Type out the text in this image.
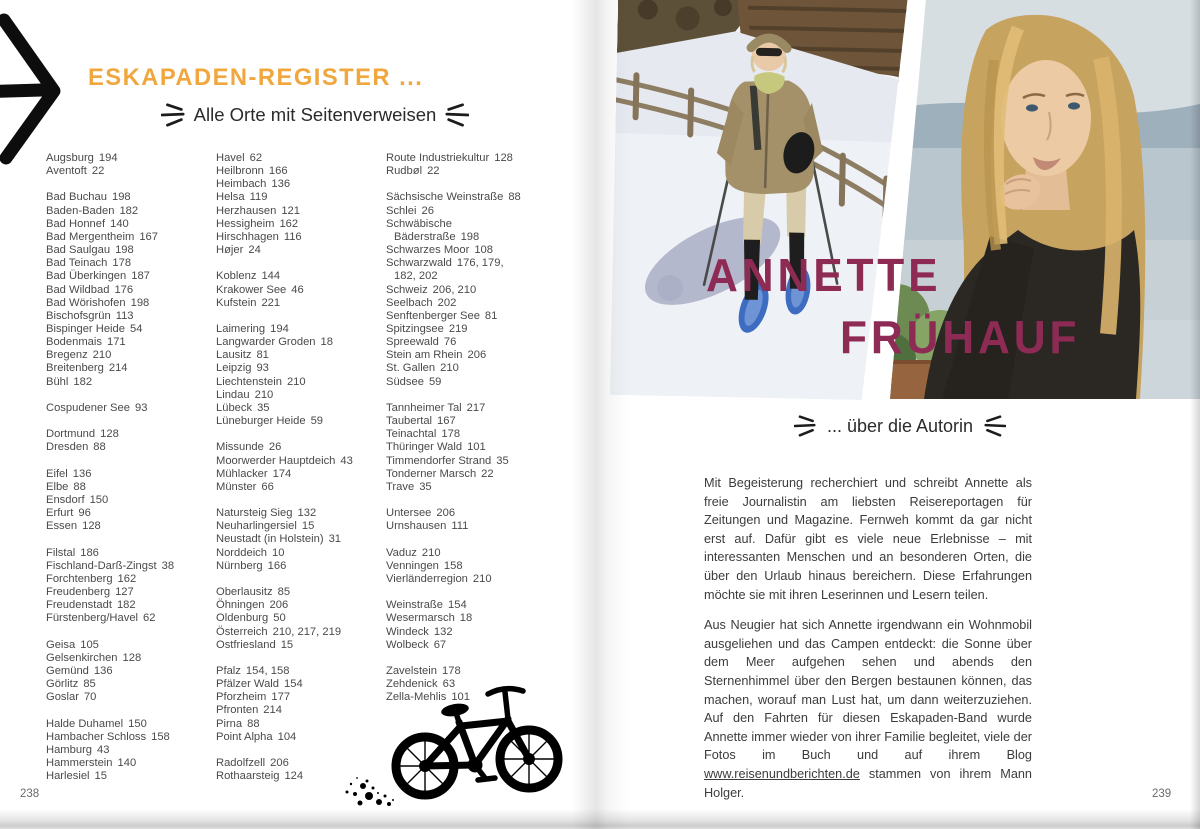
ESKAPADEN-REGISTER ...
Alle Orte mit Seitenverweisen
Augsburg 194
Aventoft 22
Bad Buchau 198
Baden-Baden 182
Bad Honnef 140
Bad Mergentheim 167
Bad Saulgau 198
Bad Teinach 178
Bad Überkingen 187
Bad Wildbad 176
Bad Wörishofen 198
Bischofsgrün 113
Bispinger Heide 54
Bodenmais 171
Bregenz 210
Breitenberg 214
Bühl 182
Cospudener See 93
Dortmund 128
Dresden 88
Eifel 136
Elbe 88
Ensdorf 150
Erfurt 96
Essen 128
Filstal 186
Fischland-Darß-Zingst 38
Forchtenberg 162
Freudenberg 127
Freudenstadt 182
Fürstenberg/Havel 62
Geisa 105
Gelsenkirchen 128
Gemünd 136
Görlitz 85
Goslar 70
Halde Duhamel 150
Hambacher Schloss 158
Hamburg 43
Hammerstein 140
Harlesiel 15
Havel 62
Heilbronn 166
Heimbach 136
Helsa 119
Herzhausen 121
Hessigheim 162
Hirschhagen 116
Højer 24
Koblenz 144
Krakower See 46
Kufstein 221
Laimering 194
Langwarder Groden 18
Lausitz 81
Leipzig 93
Liechtenstein 210
Lindau 210
Lübeck 35
Lüneburger Heide 59
Missunde 26
Moorwerder Hauptdeich 43
Mühlacker 174
Münster 66
Natursteig Sieg 132
Neuharlingersiel 15
Neustadt (in Holstein) 31
Norddeich 10
Nürnberg 166
Oberlausitz 85
Öhningen 206
Oldenburg 50
Österreich 210, 217, 219
Ostfriesland 15
Pfalz 154, 158
Pfälzer Wald 154
Pforzheim 177
Pfronten 214
Pirna 88
Point Alpha 104
Radolfzell 206
Rothaarsteig 124
Route Industriekultur 128
Rudbøl 22
Sächsische Weinstraße 88
Schlei 26
Schwäbische
Bäderstraße 198
Schwarzes Moor 108
Schwarzwald 176, 179,
182, 202
Schweiz 206, 210
Seelbach 202
Senftenberger See 81
Spitzingsee 219
Spreewald 76
Stein am Rhein 206
St. Gallen 210
Südsee 59
Tannheimer Tal 217
Taubertal 167
Teinachtal 178
Thüringer Wald 101
Timmendorfer Strand 35
Tonderner Marsch 22
Trave 35
Untersee 206
Urnshausen 111
Vaduz 210
Venningen 158
Vierländerregion 210
Weinstraße 154
Wesermarsch 18
Windeck 132
Wolbeck 67
Zavelstein 178
Zehdenick 63
Zella-Mehlis 101
238
ANNETTE
FRÜHAUF
... über die Autorin

Mit Begeisterung recherchiert und schreibt Annette als freie Journalistin am liebsten Reisereportagen für Zeitungen und Magazine. Fernweh kommt da gar nicht erst auf. Dafür gibt es viele neue Erlebnisse – mit interessanten Menschen und an besonderen Orten, die über den Urlaub hinaus bereichern. Diese Erfahrungen möchte sie mit ihren Leserinnen und Lesern teilen.

Aus Neugier hat sich Annette irgendwann ein Wohnmobil ausgeliehen und das Campen entdeckt: die Sonne über dem Meer aufgehen sehen und abends den Sternenhimmel über den Bergen bestaunen können, das machen, worauf man Lust hat, um dann weiterzuziehen. Auf den Fahrten für diesen Eskapaden-Band wurde Annette immer wieder von ihrer Familie begleitet, viele der Fotos im Buch und auf ihrem Blog www.reisenundberichten.de stammen von ihrem Mann Holger.	239
